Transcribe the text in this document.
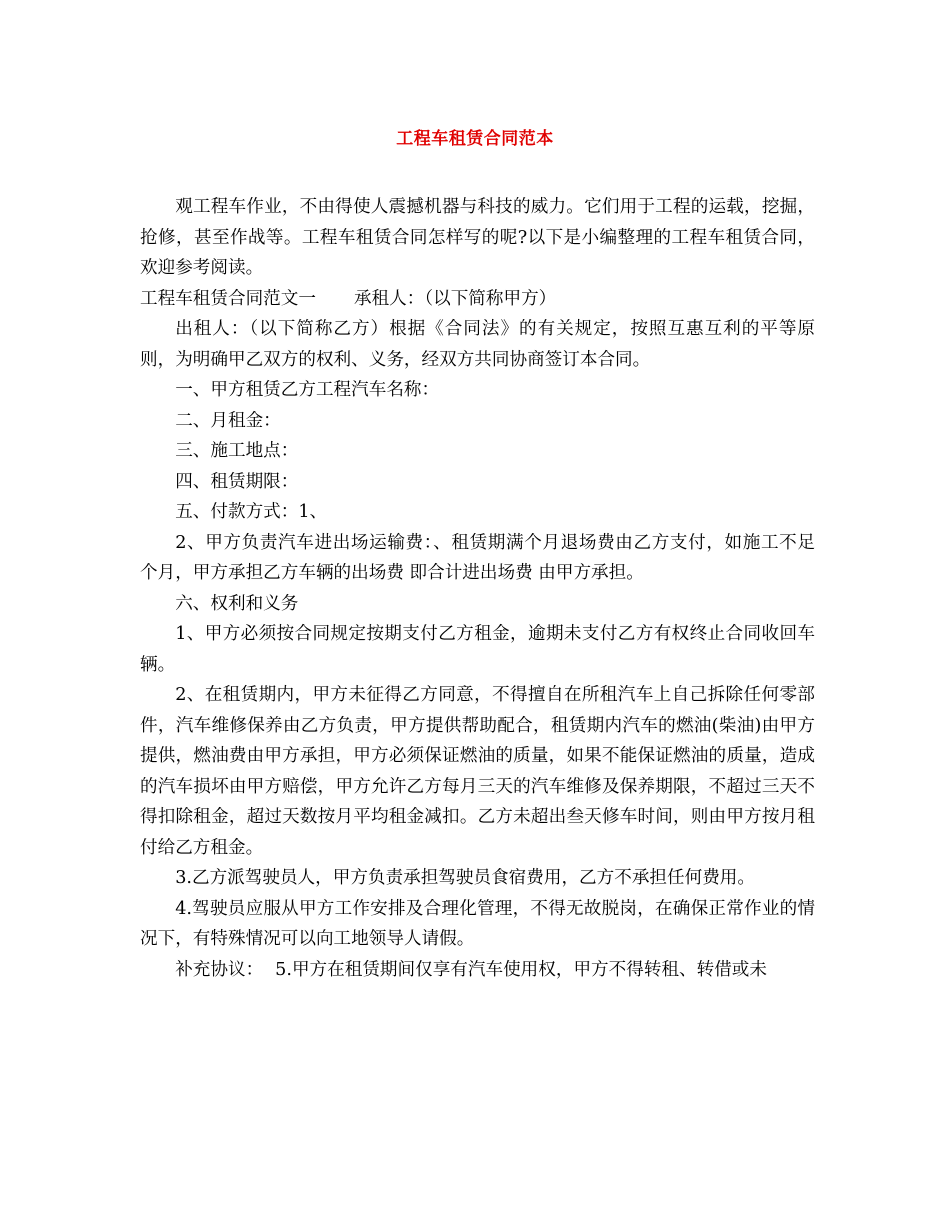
工程车租赁合同范本

观工程车作业，不由得使人震撼机器与科技的威力。它们用于工程的运载，挖掘，抢修，甚至作战等。工程车租赁合同怎样写的呢?以下是小编整理的工程车租赁合同，欢迎参考阅读。

工程车租赁合同范文一 承租人：（以下简称甲方）

出租人：（以下简称乙方）根据《合同法》的有关规定，按照互惠互利的平等原则，为明确甲乙双方的权利、义务，经双方共同协商签订本合同。

一、甲方租赁乙方工程汽车名称：

二、月租金：

三、施工地点：

四、租赁期限：

五、付款方式：1、

2、甲方负责汽车进出场运输费：、租赁期满个月退场费由乙方支付，如施工不足 个月，甲方承担乙方车辆的出场费 即合计进出场费 由甲方承担。

六、权利和义务

1、甲方必须按合同规定按期支付乙方租金，逾期未支付乙方有权终止合同收回车辆。

2、在租赁期内，甲方未征得乙方同意，不得擅自在所租汽车上自己拆除任何零部件，汽车维修保养由乙方负责，甲方提供帮助配合，租赁期内汽车的燃油(柴油)由甲方提供，燃油费由甲方承担，甲方必须保证燃油的质量，如果不能保证燃油的质量，造成的汽车损坏由甲方赔偿，甲方允许乙方每月三天的汽车维修及保养期限，不超过三天不得扣除租金，超过天数按月平均租金减扣。乙方未超出叁天修车时间，则由甲方按月租付给乙方租金。

3.乙方派驾驶员人，甲方负责承担驾驶员食宿费用，乙方不承担任何费用。

4.驾驶员应服从甲方工作安排及合理化管理，不得无故脱岗，在确保正常作业的情况下，有特殊情况可以向工地领导人请假。

补充协议： 5.甲方在租赁期间仅享有汽车使用权，甲方不得转租、转借或未
